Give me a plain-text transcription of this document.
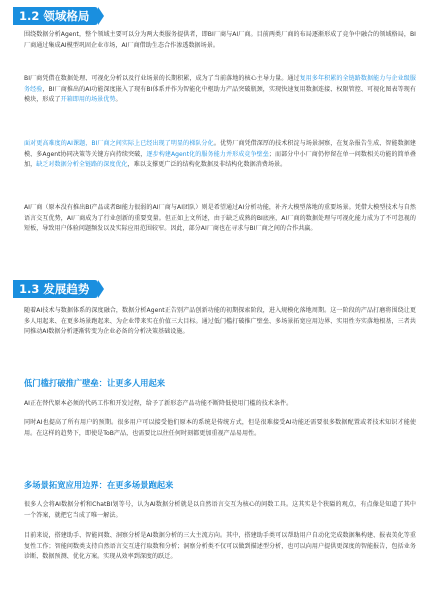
1.2 领域格局

围绕数据分析Agent，整个领域主要可以分为两大类服务提供者，即BI厂商与AI厂商。目前两类厂商的布局逐渐形成了竞争中融合的领域格局，BI厂商通过集成AI模型巩固企业市场，AI厂商借助生态合作渗透数据场景。

BI厂商凭借在数据处理、可视化分析以及行业场景的长期积累，成为了当前落地的核心主导力量。通过复用多年积累的全链路数据能力与企业级服务经验，BI厂商推出的AI功能深度嵌入了现有BI体系并作为智能化中枢助力产品突破瓶颈，实现快速复用数据连接、权限管控、可视化图表等现有模块，形成了开箱即用的场景优势。

面对更高难度的AI课题，BI厂商之间实际上已经出现了明显的梯队分化。优势厂商凭借深厚的技术积淀与场景洞察，在复杂报告生成、智能数据建模、多Agent协同决策等关键方向持续突破，逐步构建Agent化的服务能力并形成竞争壁垒；而部分中小厂商仍停留在单一问数相关功能的简单叠加，缺乏对数据分析全链路的深度优化，难以支撑更广泛的结构化数据及非结构化数据消费场景。

AI厂商（原本没有推出BI产品或者BI能力很弱的AI厂商与AI团队）则是希望通过AI分析功能，补齐大模型落地的重要场景。凭借大模型技术与自然语言交互优势，AI厂商成为了行业创新的重要变量。但正如上文所述，由于缺乏成熟的BI底座，AI厂商的数据处理与可视化能力成为了不可忽视的短板，导致用户体验问题频发以及实际应用范围较窄。因此，部分AI厂商也在寻求与BI厂商之间的合作共赢。

1.3 发展趋势

随着AI技术与数据体系的深度融合，数据分析Agent正告别产品创新功能的初期探索阶段，进入规模化落地周期。这一阶段的产品打磨将围绕让更多人用起来、在更多场景跑起来、为企业带来实在价值三大目标。通过低门槛打破推广壁垒、多场景拓宽应用边界、实用性夯实落地根基，三者共同推动AI数据分析逐渐转变为企业必备的分析决策基础设施。

低门槛打破推广壁垒：让更多人用起来

AI正在替代原本必须的代码工作和开发过程，给予了新形态产品功能不断降低使用门槛的技术条件。

同时AI也提高了所有用户的预期。很多用户可以接受他们原本的系统是传统方式，但是很难接受AI功能还需要很多数据配置或者技术知识才能使用。在这样的趋势下，即使是ToB产品，也需要比以往任何时刻都更加重视产品易用性。

多场景拓宽应用边界：在更多场景跑起来

很多人会将AI数据分析和ChatBI划等号，认为AI数据分析就是以自然语言交互为核心的问数工具。这其实是个狭隘的观点，有点像是知道了其中一个答案，就把它当成了唯一解法。

目前来说，搭建助手、智能问数、洞察分析是AI数据分析的三大主流方向。其中，搭建助手类可以帮助用户自动化完成数据集构建、报表美化等重复性工作；智能问数类支持自然语言交互进行取数和分析；洞察分析类不仅可以做到描述型分析，也可以向用户提供更深度的智能报告，包括业务诊断、数据预测、优化方案。实现从效率到深度的跃迁。
